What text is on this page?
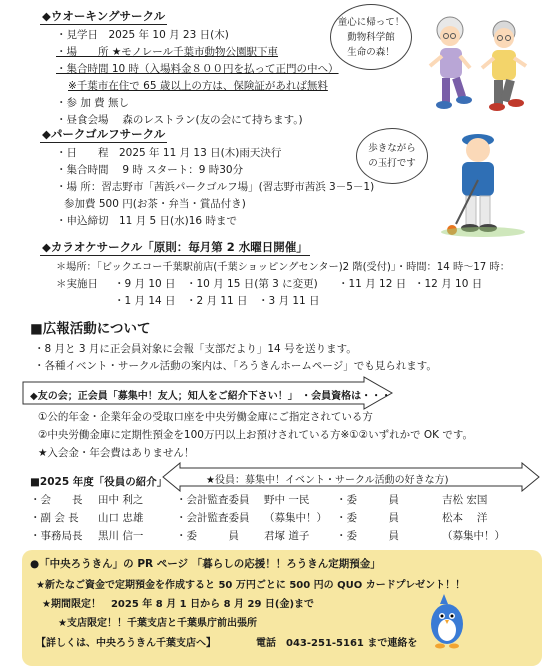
◆ウオーキングサークル
・見学日　2025 年 10 月 23 日(木)
・場　　所 ★モノレール千葉市動物公園駅下車
・集合時間 10 時（入場料金８００円を払って正門の中へ）
※千葉市在住で 65 歳以上の方は、保険証があれば無料
・参 加 費 無し
・昼食会場　 森のレストラン(友の会にて持ちます。)
童心に帰って！
動物科学館
生命の森！
◆パークゴルフサークル
・日　　程　2025 年 11 月 13 日(木)雨天決行
・集合時間　 9 時 スタート：9 時30分
・場 所：習志野市「茜浜パークゴルフ場」(習志野市茜浜 3－5－1)
参加費 500 円(お茶・弁当・賞品付き)
・申込締切　11 月 5 日(水)16 時まで
歩きながら
の玉打です
◆カラオケサークル「原則：毎月第 2 水曜日開催」
＊場所：「ビックエコー千葉駅前店(千葉ショッピングセンター)2 階(受付)」・時間：14 時～17 時：
＊実施日 ・9 月 10 日 ・10 月 15 日(第 3 に変更) ・11 月 12 日 ・12 月 10 日
・1 月 14 日 ・2 月 11 日 ・3 月 11 日
■広報活動について
・8 月と 3 月に正会員対象に会報「支部だより」14 号を送ります。
・各種イベント・サークル活動の案内は、「ろうきんホームページ」でも見られます。
◆友の会；正会員「募集中！友人；知人をご紹介下さい！」 ・会員資格は・・・
①公的年金・企業年金の受取口座を中央労働金庫にご指定されている方
②中央労働金庫に定期性預金を100万円以上お預けされている方※①②いずれかで OK です。
★入会金・年会費はありません！
■2025 年度「役員の紹介」	★役員：募集中！イベント・サークル活動の好きな方)
・会　　長 田中 利之	・会計監査委員 野中 一民	・委　　　員	吉松 宏国
・副 会 長 山口 忠雄	・会計監査委員 （募集中！） ・委　　　員	松本　 洋
・事務局長 黒川 信一	・委　　　員 君塚 道子	・委　　　員	（募集中！）
●「中央ろうきん」の PR ページ 「暮らしの応援！！ろうきん定期預金」
★新たなご資金で定期預金を作成すると 50 万円ごとに 500 円の QUO カードプレゼント！！
★期間限定！　2025 年 8 月 1 日から 8 月 29 日(金)まで
★支店限定！！千葉支店と千葉県庁前出張所
【詳しくは、中央ろうきん千葉支店へ】	電話　043-251-5161 まで連絡を
